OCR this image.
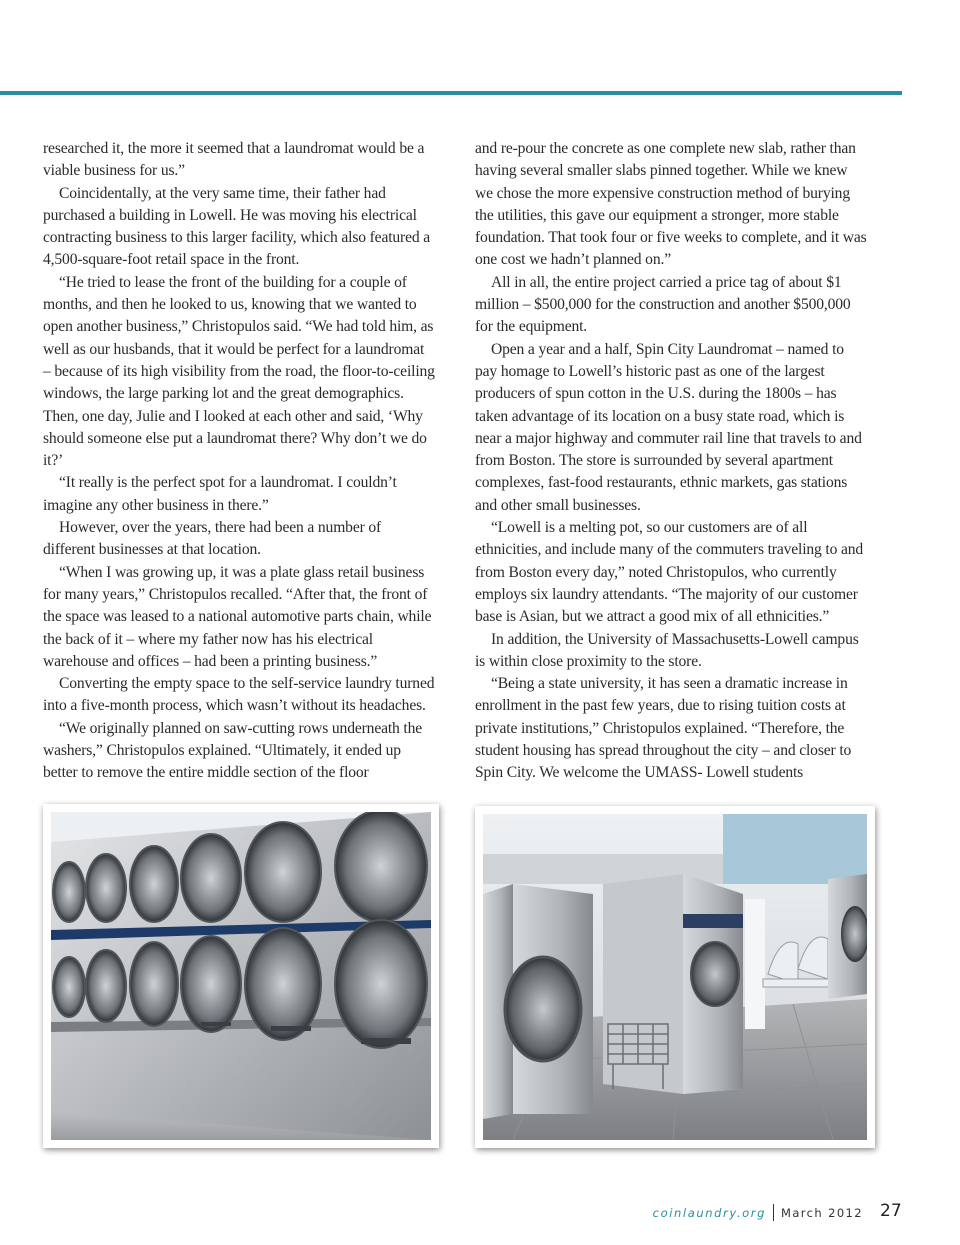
researched it, the more it seemed that a laundromat would be a viable business for us.”

Coincidentally, at the very same time, their father had purchased a building in Lowell. He was moving his electrical contracting business to this larger facility, which also featured a 4,500-square-foot retail space in the front.

“He tried to lease the front of the building for a couple of months, and then he looked to us, knowing that we wanted to open another business,” Christopulos said. “We had told him, as well as our husbands, that it would be perfect for a laundromat – because of its high visibility from the road, the floor-to-ceiling windows, the large parking lot and the great demographics. Then, one day, Julie and I looked at each other and said, ‘Why should someone else put a laundromat there? Why don’t we do it?’

“It really is the perfect spot for a laundromat. I couldn’t imagine any other business in there.”

However, over the years, there had been a number of different businesses at that location.

“When I was growing up, it was a plate glass retail business for many years,” Christopulos recalled. “After that, the front of the space was leased to a national automotive parts chain, while the back of it – where my father now has his electrical warehouse and offices – had been a printing business.”

Converting the empty space to the self-service laundry turned into a five-month process, which wasn’t without its headaches.

“We originally planned on saw-cutting rows underneath the washers,” Christopulos explained. “Ultimately, it ended up better to remove the entire middle section of the floor

and re-pour the concrete as one complete new slab, rather than having several smaller slabs pinned together. While we knew we chose the more expensive construction method of burying the utilities, this gave our equipment a stronger, more stable foundation. That took four or five weeks to complete, and it was one cost we hadn’t planned on.”

All in all, the entire project carried a price tag of about $1 million – $500,000 for the construction and another $500,000 for the equipment.

Open a year and a half, Spin City Laundromat – named to pay homage to Lowell’s historic past as one of the largest producers of spun cotton in the U.S. during the 1800s – has taken advantage of its location on a busy state road, which is near a major highway and commuter rail line that travels to and from Boston. The store is surrounded by several apartment complexes, fast-food restaurants, ethnic markets, gas stations and other small businesses.

“Lowell is a melting pot, so our customers are of all ethnicities, and include many of the commuters traveling to and from Boston every day,” noted Christopulos, who currently employs six laundry attendants. “The majority of our customer base is Asian, but we attract a good mix of all ethnicities.”

In addition, the University of Massachusetts-Lowell campus is within close proximity to the store.

“Being a state university, it has seen a dramatic increase in enrollment in the past few years, due to rising tuition costs at private institutions,” Christopulos explained. “Therefore, the student housing has spread throughout the city – and closer to Spin City. We welcome the UMASS- Lowell students

coinlaundry.org March 2012 27
